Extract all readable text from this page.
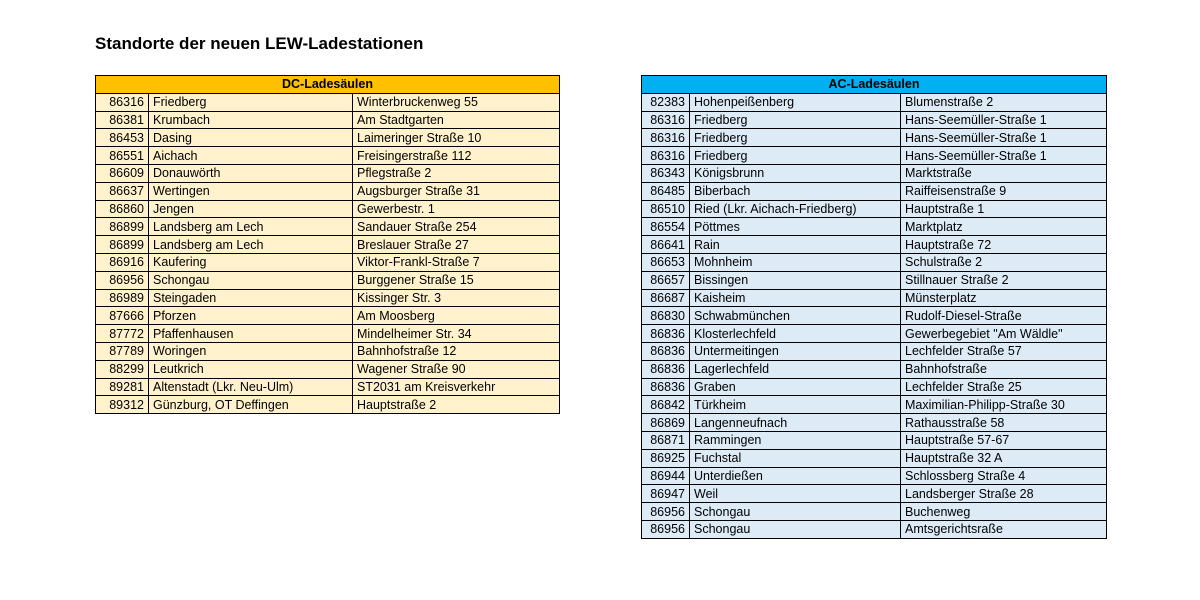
Standorte der neuen LEW-Ladestationen
DC-Ladesäulen		
86316	Friedberg	Winterbruckenweg 55
86381	Krumbach	Am Stadtgarten
86453	Dasing	Laimeringer Straße 10
86551	Aichach	Freisingerstraße 112
86609	Donauwörth	Pflegstraße 2
86637	Wertingen	Augsburger Straße 31
86860	Jengen	Gewerbestr. 1
86899	Landsberg am Lech	Sandauer Straße 254
86899	Landsberg am Lech	Breslauer Straße 27
86916	Kaufering	Viktor-Frankl-Straße 7
86956	Schongau	Burggener Straße 15
86989	Steingaden	Kissinger Str. 3
87666	Pforzen	Am Moosberg
87772	Pfaffenhausen	Mindelheimer Str. 34
87789	Woringen	Bahnhofstraße 12
88299	Leutkrich	Wagener Straße 90
89281	Altenstadt (Lkr. Neu-Ulm)	ST2031 am Kreisverkehr
89312	Günzburg, OT Deffingen	Hauptstraße 2
AC-Ladesäulen		
82383	Hohenpeißenberg	Blumenstraße 2
86316	Friedberg	Hans-Seemüller-Straße 1
86316	Friedberg	Hans-Seemüller-Straße 1
86316	Friedberg	Hans-Seemüller-Straße 1
86343	Königsbrunn	Marktstraße
86485	Biberbach	Raiffeisenstraße 9
86510	Ried (Lkr. Aichach-Friedberg)	Hauptstraße 1
86554	Pöttmes	Marktplatz
86641	Rain	Hauptstraße 72
86653	Mohnheim	Schulstraße 2
86657	Bissingen	Stillnauer Straße 2
86687	Kaisheim	Münsterplatz
86830	Schwabmünchen	Rudolf-Diesel-Straße
86836	Klosterlechfeld	Gewerbegebiet "Am Wäldle"
86836	Untermeitingen	Lechfelder Straße 57
86836	Lagerlechfeld	Bahnhofstraße
86836	Graben	Lechfelder Straße 25
86842	Türkheim	Maximilian-Philipp-Straße 30
86869	Langenneufnach	Rathausstraße 58
86871	Rammingen	Hauptstraße 57-67
86925	Fuchstal	Hauptstraße 32 A
86944	Unterdießen	Schlossberg Straße 4
86947	Weil	Landsberger Straße 28
86956	Schongau	Buchenweg
86956	Schongau	Amtsgerichtsraße
